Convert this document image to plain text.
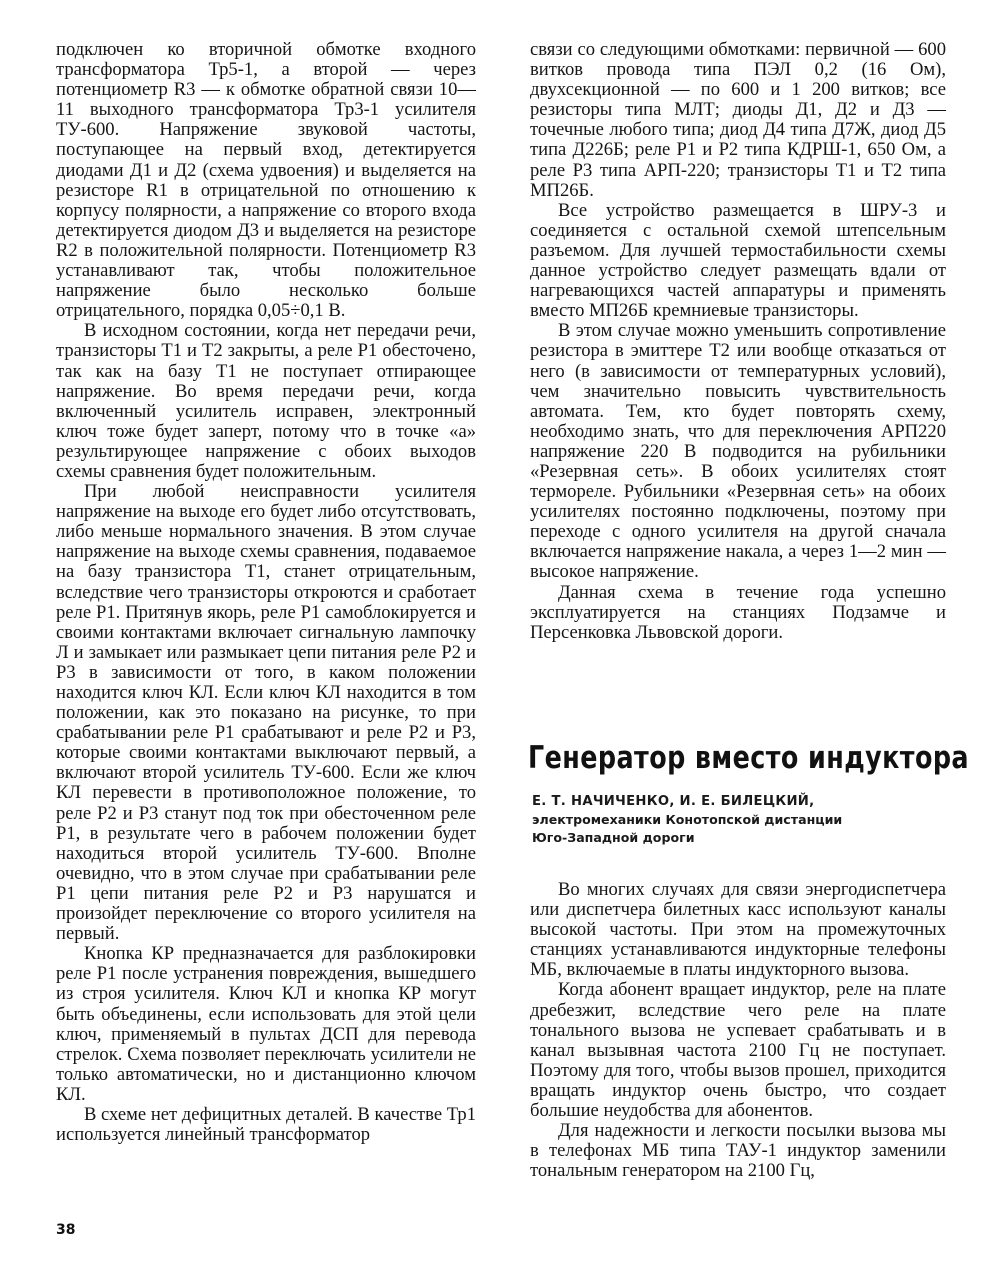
подключен ко вторичной обмотке входного трансформатора Тр5-1, а второй — через потенциометр R3 — к обмотке обратной связи 10—11 выходного трансформатора Тр3-1 усилителя ТУ-600. Напряжение звуковой частоты, поступающее на первый вход, детектируется диодами Д1 и Д2 (схема удвоения) и выделяется на резисторе R1 в отрицательной по отношению к корпусу полярности, а напряжение со второго входа детектируется диодом Д3 и выделяется на резисторе R2 в положительной полярности. Потенциометр R3 устанавливают так, чтобы положительное напряжение было несколько больше отрицательного, порядка 0,05÷0,1 В.

В исходном состоянии, когда нет передачи речи, транзисторы Т1 и Т2 закрыты, а реле Р1 обесточено, так как на базу Т1 не поступает отпирающее напряжение. Во время передачи речи, когда включенный усилитель исправен, электронный ключ тоже будет заперт, потому что в точке «а» результирующее напряжение с обоих выходов схемы сравнения будет положительным.

При любой неисправности усилителя напряжение на выходе его будет либо отсутствовать, либо меньше нормального значения. В этом случае напряжение на выходе схемы сравнения, подаваемое на базу транзистора Т1, станет отрицательным, вследствие чего транзисторы откроются и сработает реле Р1. Притянув якорь, реле Р1 самоблокируется и своими контактами включает сигнальную лампочку Л и замыкает или размыкает цепи питания реле Р2 и Р3 в зависимости от того, в каком положении находится ключ КЛ. Если ключ КЛ находится в том положении, как это показано на рисунке, то при срабатывании реле Р1 срабатывают и реле Р2 и Р3, которые своими контактами выключают первый, а включают второй усилитель ТУ-600. Если же ключ КЛ перевести в противоположное положение, то реле Р2 и Р3 станут под ток при обесточенном реле Р1, в результате чего в рабочем положении будет находиться второй усилитель ТУ-600. Вполне очевидно, что в этом случае при срабатывании реле Р1 цепи питания реле Р2 и Р3 нарушатся и произойдет переключение со второго усилителя на первый.

Кнопка КР предназначается для разблокировки реле Р1 после устранения повреждения, вышедшего из строя усилителя. Ключ КЛ и кнопка КР могут быть объединены, если использовать для этой цели ключ, применяемый в пультах ДСП для перевода стрелок. Схема позволяет переключать усилители не только автоматически, но и дистанционно ключом КЛ.

В схеме нет дефицитных деталей. В качестве Тр1 используется линейный трансформатор

связи со следующими обмотками: первичной — 600 витков провода типа ПЭЛ 0,2 (16 Ом), двухсекционной — по 600 и 1 200 витков; все резисторы типа МЛТ; диоды Д1, Д2 и Д3 — точечные любого типа; диод Д4 типа Д7Ж, диод Д5 типа Д226Б; реле Р1 и Р2 типа КДРШ-1, 650 Ом, а реле Р3 типа АРП-220; транзисторы Т1 и Т2 типа МП26Б.

Все устройство размещается в ШРУ-3 и соединяется с остальной схемой штепсельным разъемом. Для лучшей термостабильности схемы данное устройство следует размещать вдали от нагревающихся частей аппаратуры и применять вместо МП26Б кремниевые транзисторы.

В этом случае можно уменьшить сопротивление резистора в эмиттере Т2 или вообще отказаться от него (в зависимости от температурных условий), чем значительно повысить чувствительность автомата. Тем, кто будет повторять схему, необходимо знать, что для переключения АРП220 напряжение 220 В подводится на рубильники «Резервная сеть». В обоих усилителях стоят термореле. Рубильники «Резервная сеть» на обоих усилителях постоянно подключены, поэтому при переходе с одного усилителя на другой сначала включается напряжение накала, а через 1—2 мин — высокое напряжение.

Данная схема в течение года успешно эксплуатируется на станциях Подзамче и Персенковка Львовской дороги.

Генератор вместо индуктора
Е. Т. НАЧИЧЕНКО, И. Е. БИЛЕЦКИЙ,
электромеханики Конотопской дистанции
Юго-Западной дороги

Во многих случаях для связи энергодиспетчера или диспетчера билетных касс используют каналы высокой частоты. При этом на промежуточных станциях устанавливаются индукторные телефоны МБ, включаемые в платы индукторного вызова.

Когда абонент вращает индуктор, реле на плате дребезжит, вследствие чего реле на плате тонального вызова не успевает срабатывать и в канал вызывная частота 2100 Гц не поступает. Поэтому для того, чтобы вызов прошел, приходится вращать индуктор очень быстро, что создает большие неудобства для абонентов.

Для надежности и легкости посылки вызова мы в телефонах МБ типа ТАУ-1 индуктор заменили тональным генератором на 2100 Гц,

38
